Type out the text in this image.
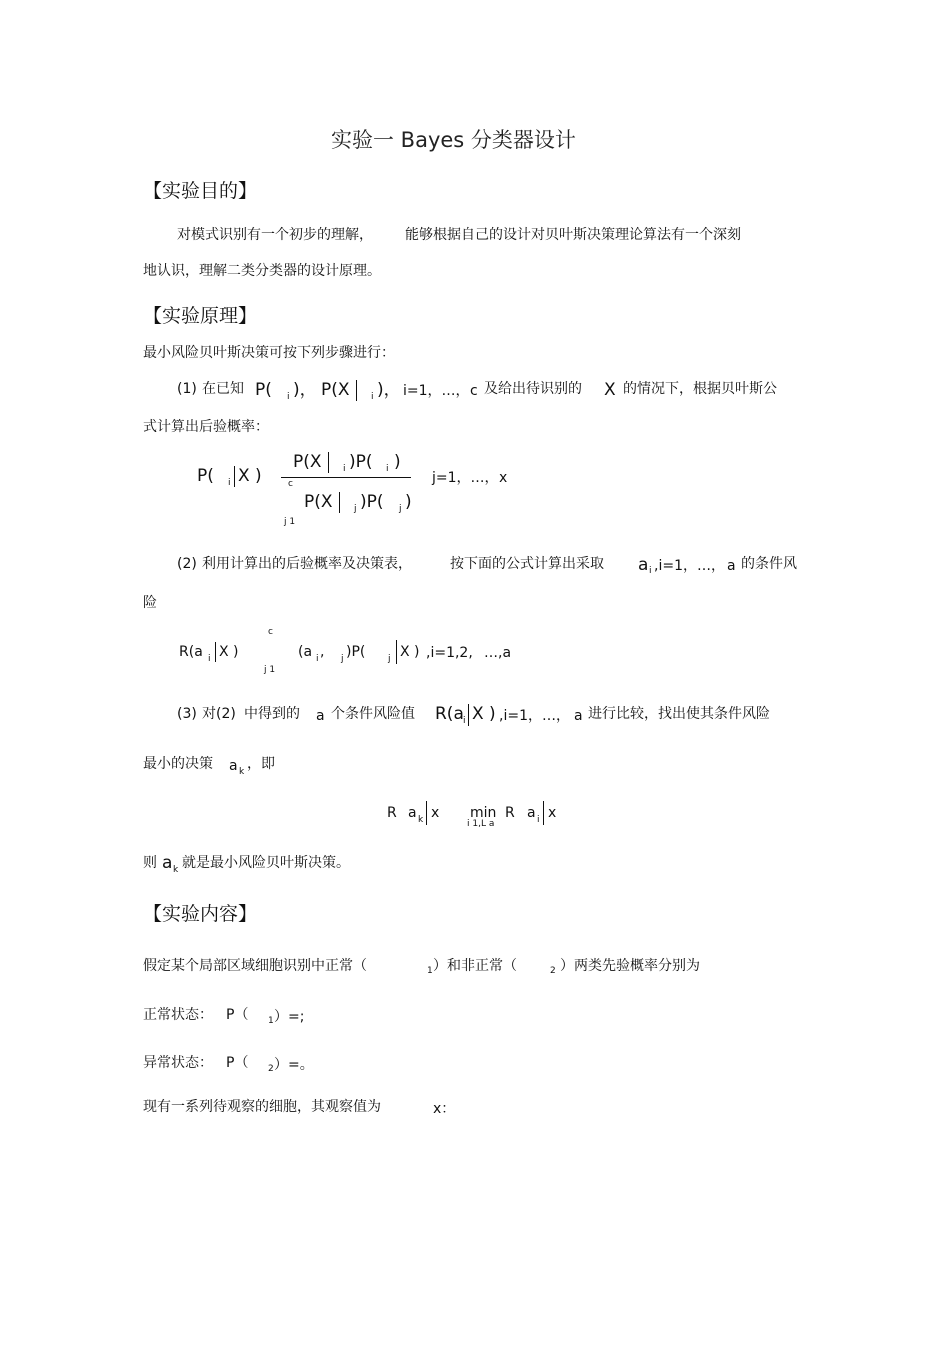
实验一 Bayes 分类器设计
【实验目的】
对模式识别有一个初步的理解， 能够根据自己的设计对贝叶斯决策理论算法有一个深刻
地认识，理解二类分类器的设计原理。
【实验原理】
最小风险贝叶斯决策可按下列步骤进行：
(1) 在已知 P( i )， P(X i )， i=1，…， c 及给出待识别的 X 的情况下，根据贝叶斯公
式计算出后验概率：
P( i X )
P(X i )P( i )
c
P(X j )P( j )
j 1
j=1，…， x
(2) 利用计算出的后验概率及决策表，	按下面的公式计算出采取 a i ,i=1，…， a 的条件风
险
R(a i X )
c
j 1
(a i , j )P(	j X ) ,i=1,2, …,a
(3) 对(2) 中得到的 a 个条件风险值 R(a i X ) ,i=1，…， a 进行比较，找出使其条件风险
最小的决策 a k ，即
R a k x min
i 1,L a
R a i x
则 a k 就是最小风险贝叶斯决策。
【实验内容】
假定某个局部区域细胞识别中正常（	1 ）和非正常（	2 ）两类先验概率分别为
正常状态： P（ 1 ）=;
异常状态： P（ 2 ）=。
现有一系列待观察的细胞，其观察值为	x：
